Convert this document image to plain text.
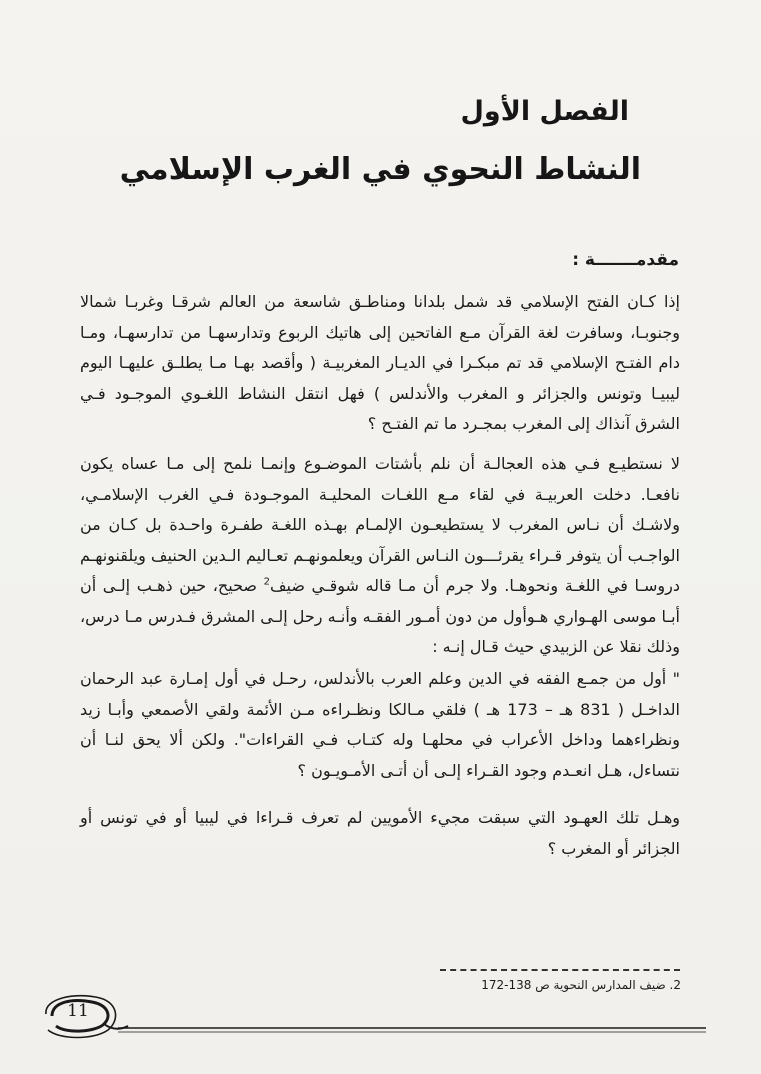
الفصل الأول
النشاط النحوي في الغرب الإسلامي
مقدمـــــــة :

إذا كـان الفتح الإسلامي قد شمل بلدانا ومناطـق شاسعة من العالم شرقـا وغربـا شمالا وجنوبـا، وسافرت لغة القرآن مـع الفاتحين إلى هاتيك الربوع وتدارسهـا من تدارسهـا، ومـا دام الفتـح الإسلامي قد تم مبكـرا في الديـار المغربيـة ( وأقصد بهـا مـا يطلـق عليهـا اليوم ليبيـا وتونس والجزائر و المغرب والأندلس ) فهل انتقل النشاط اللغـوي الموجـود فـي الشرق آنذاك إلى المغرب بمجـرد ما تم الفتـح ؟

لا نستطيـع فـي هذه العجالـة أن نلم بأشتات الموضـوع وإنمـا نلمح إلى مـا عساه يكون نافعـا. دخلت العربيـة في لقاء مـع اللغـات المحليـة الموجـودة فـي الغرب الإسلامـي، ولاشـك أن نـاس المغرب لا يستطيعـون الإلمـام بهـذه اللغـة طفـرة واحـدة بل كـان من الواجـب أن يتوفر قـراء يقرئـــون النـاس القرآن ويعلمونهـم تعـاليم الـدين الحنيف ويلقنونهـم دروسـا في اللغـة ونحوهـا. ولا جرم أن مـا قاله شوقـي ضيف$^2$ صحيح، حين ذهـب إلـى أن أبـا موسى الهـواري هـوأول من دون أمـور الفقـه وأنـه رحل إلـى المشرق فـدرس مـا درس، وذلك نقلا عن الزبيدي حيث قـال إنـه :

" أول من جمـع الفقه في الدين وعلم العرب بالأندلس، رحـل في أول إمـارة عبد الرحمان الداخـل ( 831 هـ – 173 هـ ) فلقي مـالكا ونظـراءه مـن الأئمة ولقي الأصمعي وأبـا زيد ونظراءهما وداخل الأعراب في محلهـا وله كتـاب فـي القراءات". ولكن ألا يحق لنـا أن نتساءل، هـل انعـدم وجود القـراء إلـى أن أتـى الأمـويـون ؟

وهـل تلك العهـود التي سبقت مجيء الأمويين لم تعرف قـراءا في ليبيا أو في تونس أو الجزائر أو المغرب ؟

2. ضيف المدارس النحوية ص 138-172
11
